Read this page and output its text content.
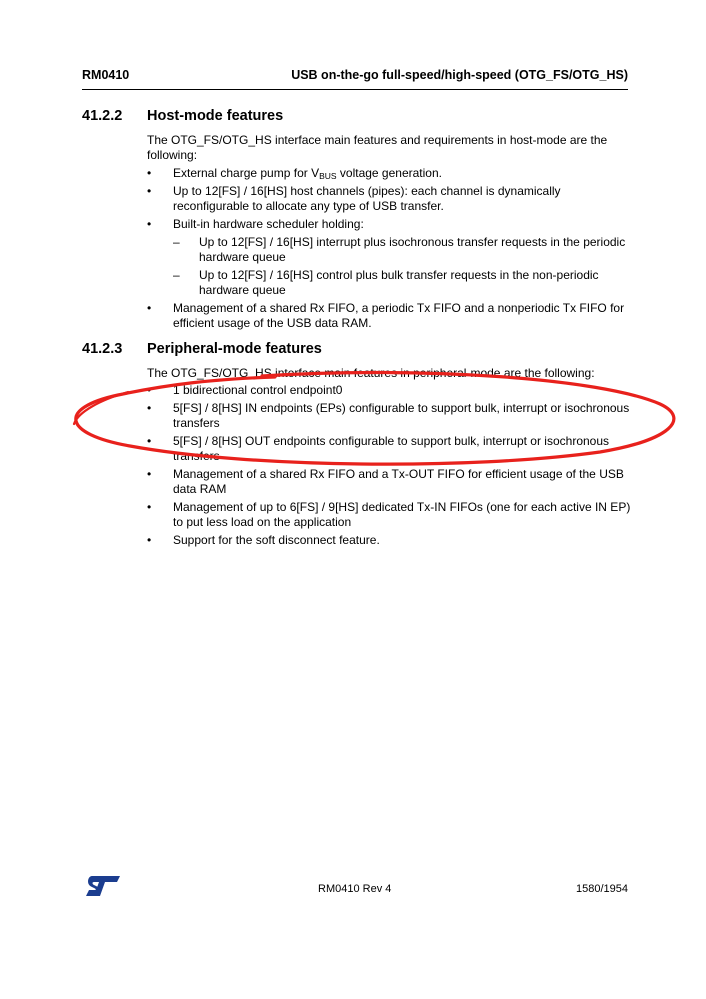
RM0410	USB on-the-go full-speed/high-speed (OTG_FS/OTG_HS)
41.2.2 Host-mode features

The OTG_FS/OTG_HS interface main features and requirements in host-mode are the following:

• External charge pump for $V_{BUS}$ voltage generation.
• Up to 12[FS] / 16[HS] host channels (pipes): each channel is dynamically reconfigurable to allocate any type of USB transfer.
• Built-in hardware scheduler holding:
– Up to 12[FS] / 16[HS] interrupt plus isochronous transfer requests in the periodic hardware queue
– Up to 12[FS] / 16[HS] control plus bulk transfer requests in the non-periodic hardware queue
• Management of a shared Rx FIFO, a periodic Tx FIFO and a nonperiodic Tx FIFO for efficient usage of the USB data RAM.
41.2.3 Peripheral-mode features

The OTG_FS/OTG_HS interface main features in peripheral-mode are the following:

• 1 bidirectional control endpoint0
• 5[FS] / 8[HS] IN endpoints (EPs) configurable to support bulk, interrupt or isochronous transfers
• 5[FS] / 8[HS] OUT endpoints configurable to support bulk, interrupt or isochronous transfers
• Management of a shared Rx FIFO and a Tx-OUT FIFO for efficient usage of the USB data RAM
• Management of up to 6[FS] / 9[HS] dedicated Tx-IN FIFOs (one for each active IN EP) to put less load on the application
• Support for the soft disconnect feature.
RM0410 Rev 4	1580/1954
